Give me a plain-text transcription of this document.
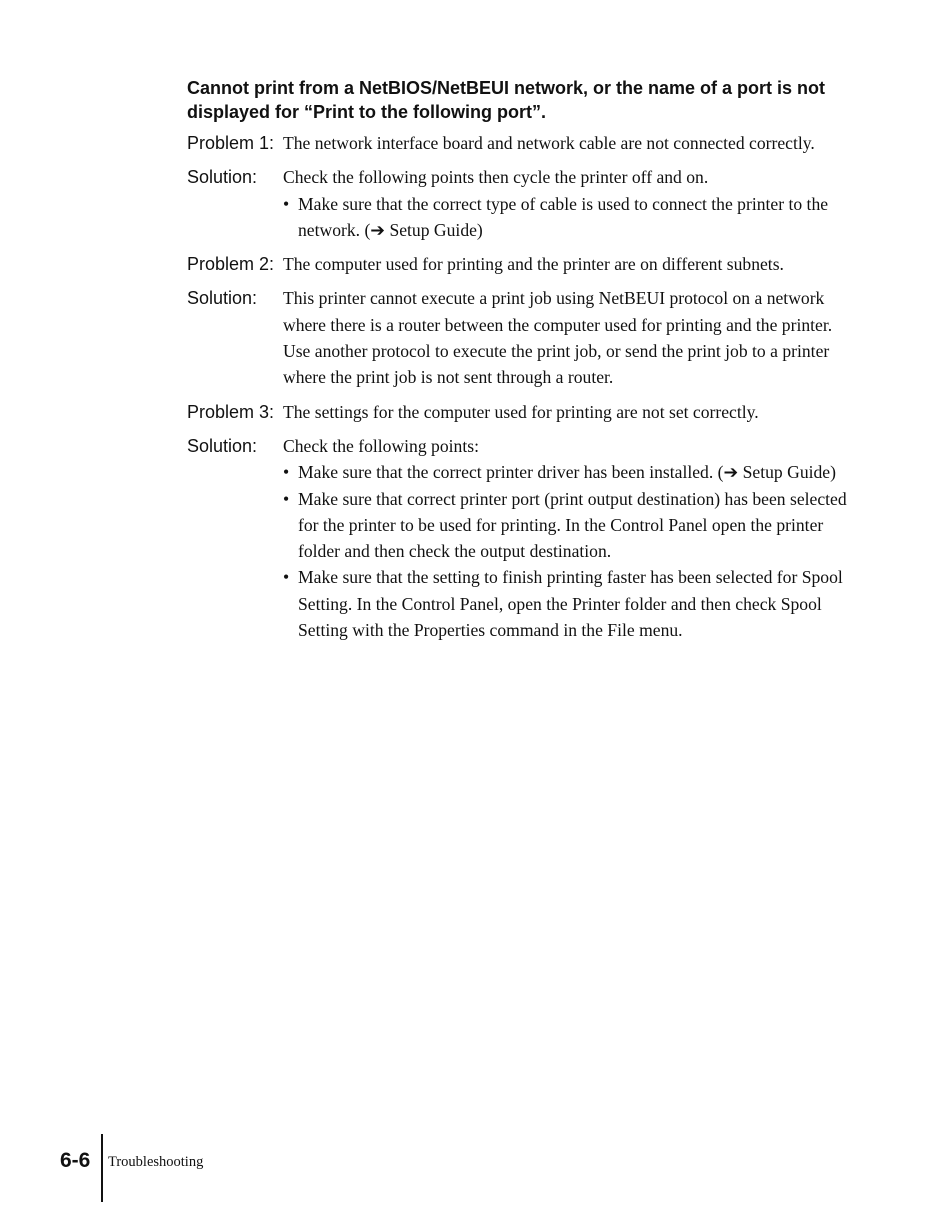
Cannot print from a NetBIOS/NetBEUI network, or the name of a port is not displayed for “Print to the following port”.
Problem 1: The network interface board and network cable are not connected correctly.

Solution:	Check the following points then cycle the printer off and on.

• Make sure that the correct type of cable is used to connect the printer to the network. (➔ Setup Guide)
Problem 2: The computer used for printing and the printer are on different subnets.

Solution:	This printer cannot execute a print job using NetBEUI protocol on a network where there is a router between the computer used for printing and the printer. Use another protocol to execute the print job, or send the print job to a printer where the print job is not sent through a router.

Problem 3: The settings for the computer used for printing are not set correctly.

Solution:	Check the following points:

• Make sure that the correct printer driver has been installed. (➔ Setup Guide)
• Make sure that correct printer port (print output destination) has been selected for the printer to be used for printing. In the Control Panel open the printer folder and then check the output destination.
• Make sure that the setting to finish printing faster has been selected for Spool Setting. In the Control Panel, open the Printer folder and then check Spool Setting with the Properties command in the File menu.
6-6 Troubleshooting
